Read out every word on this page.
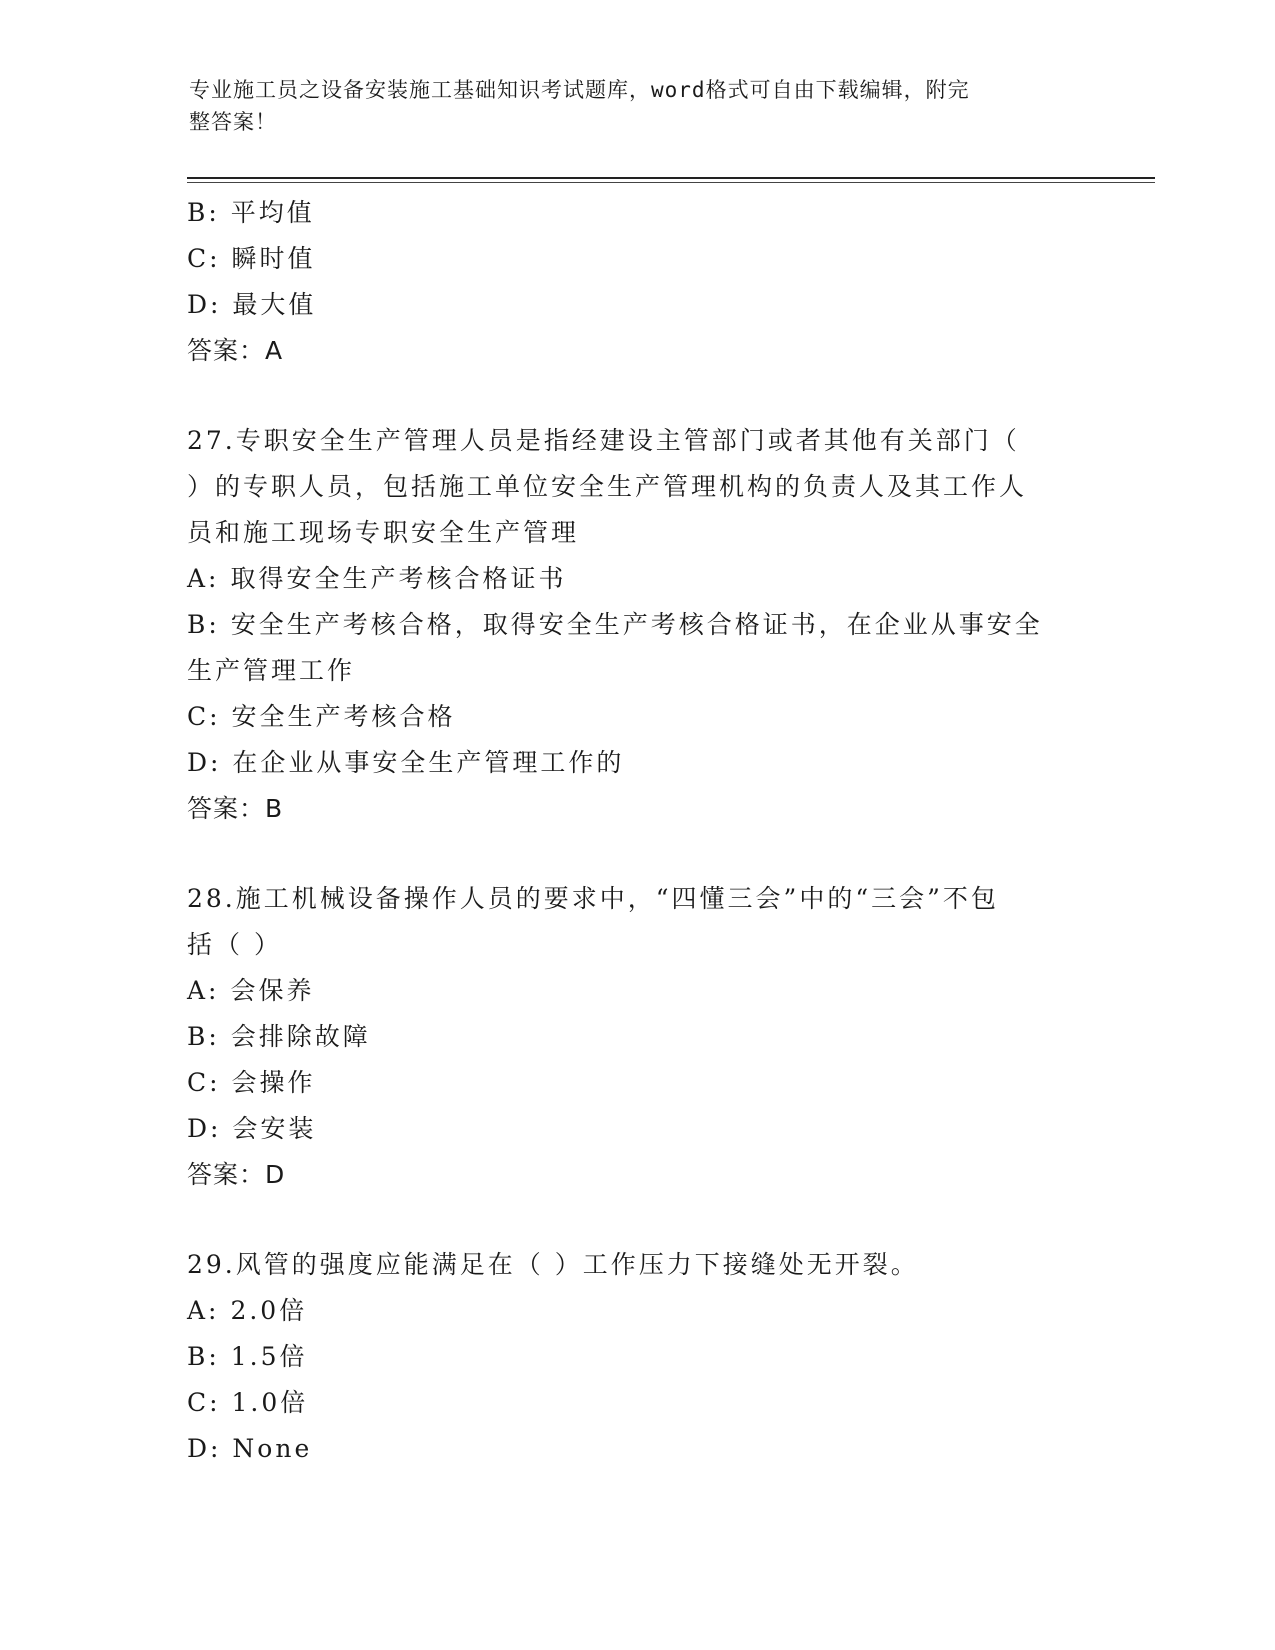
专业施工员之设备安装施工基础知识考试题库，word格式可自由下载编辑，附完
整答案！
B: 平均值
C: 瞬时值
D: 最大值
答案：A
27.专职安全生产管理人员是指经建设主管部门或者其他有关部门（
）的专职人员，包括施工单位安全生产管理机构的负责人及其工作人
员和施工现场专职安全生产管理
A: 取得安全生产考核合格证书
B: 安全生产考核合格，取得安全生产考核合格证书，在企业从事安全
生产管理工作
C: 安全生产考核合格
D: 在企业从事安全生产管理工作的
答案：B
28.施工机械设备操作人员的要求中，“四懂三会”中的“三会”不包
括（ ）
A: 会保养
B: 会排除故障
C: 会操作
D: 会安装
答案：D
29.风管的强度应能满足在（ ）工作压力下接缝处无开裂。
A: 2.0倍
B: 1.5倍
C: 1.0倍
D: None
